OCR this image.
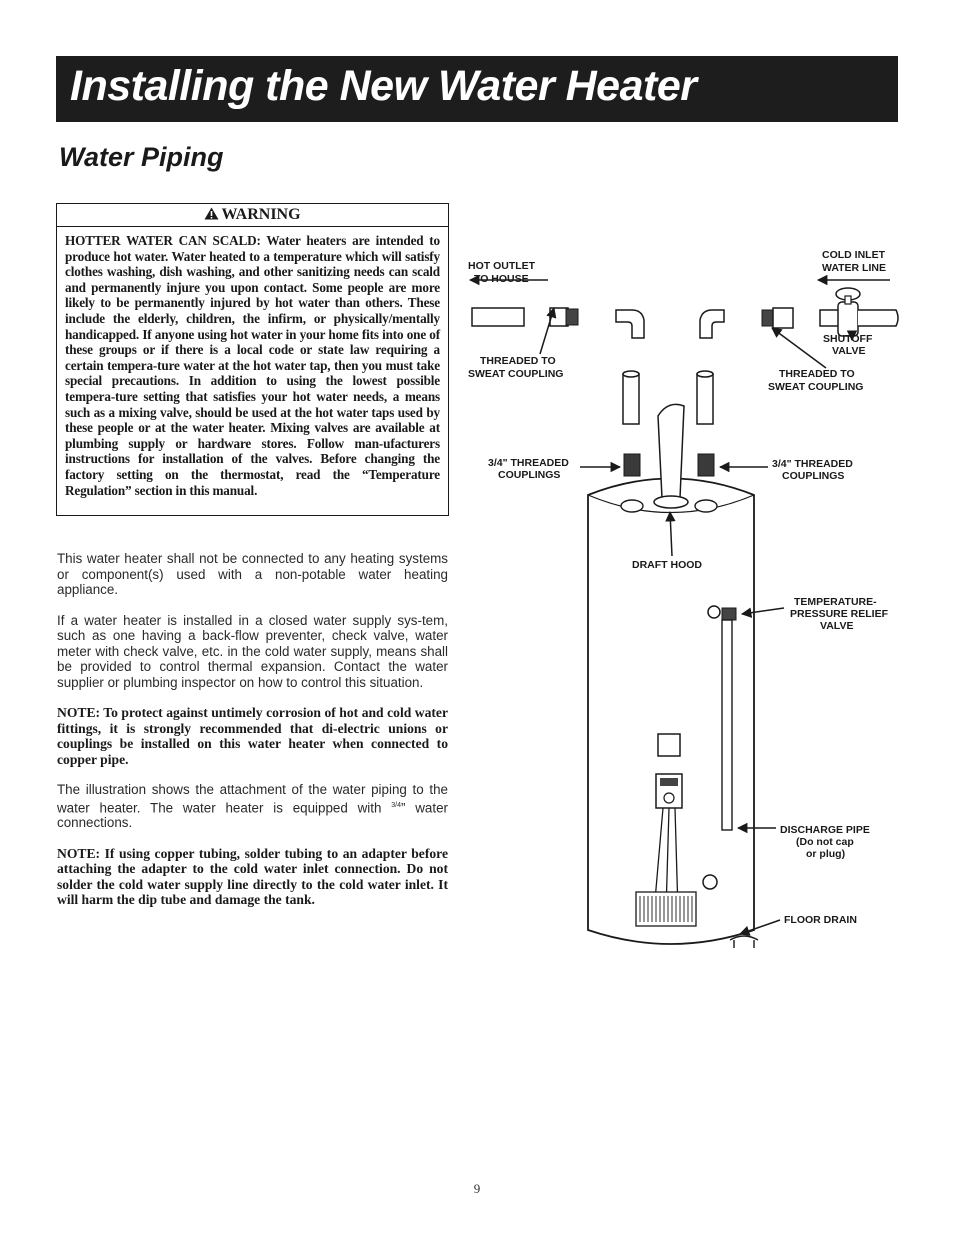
Installing the New Water Heater
Water Piping
WARNING

HOTTER WATER CAN SCALD: Water heaters are intended to produce hot water. Water heated to a temperature which will satisfy clothes washing, dish washing, and other sanitizing needs can scald and permanently injure you upon contact. Some people are more likely to be permanently injured by hot water than others. These include the elderly, children, the infirm, or physically/mentally handicapped. If anyone using hot water in your home fits into one of these groups or if there is a local code or state law requiring a certain tempera-ture water at the hot water tap, then you must take special precautions. In addition to using the lowest possible tempera-ture setting that satisfies your hot water needs, a means such as a mixing valve, should be used at the hot water taps used by these people or at the water heater. Mixing valves are available at plumbing supply or hardware stores. Follow man-ufacturers instructions for installation of the valves. Before changing the factory setting on the thermostat, read the “Temperature Regulation” section in this manual.

This water heater shall not be connected to any heating systems or component(s) used with a non-potable water heating appliance.

If a water heater is installed in a closed water supply sys-tem, such as one having a back-flow preventer, check valve, water meter with check valve, etc. in the cold water supply, means shall be provided to control thermal expansion. Contact the water supplier or plumbing inspector on how to control this situation.

NOTE: To protect against untimely corrosion of hot and cold water fittings, it is strongly recommended that di-electric unions or couplings be installed on this water heater when connected to copper pipe.

The illustration shows the attachment of the water piping to the water heater. The water heater is equipped with $^{3/4}$” water connections.

NOTE: If using copper tubing, solder tubing to an adapter before attaching the adapter to the cold water inlet connection. Do not solder the cold water supply line directly to the cold water inlet. It will harm the dip tube and damage the tank.

HOT OUTLET TO HOUSE
COLD INLET WATER LINE
THREADED TO SWEAT COUPLING
SHUTOFF VALVE
THREADED TO SWEAT COUPLING
3/4" THREADED COUPLINGS
3/4" THREADED COUPLINGS
DRAFT HOOD
TEMPERATURE-PRESSURE RELIEF VALVE
DISCHARGE PIPE (Do not cap or plug)
FLOOR DRAIN
9
